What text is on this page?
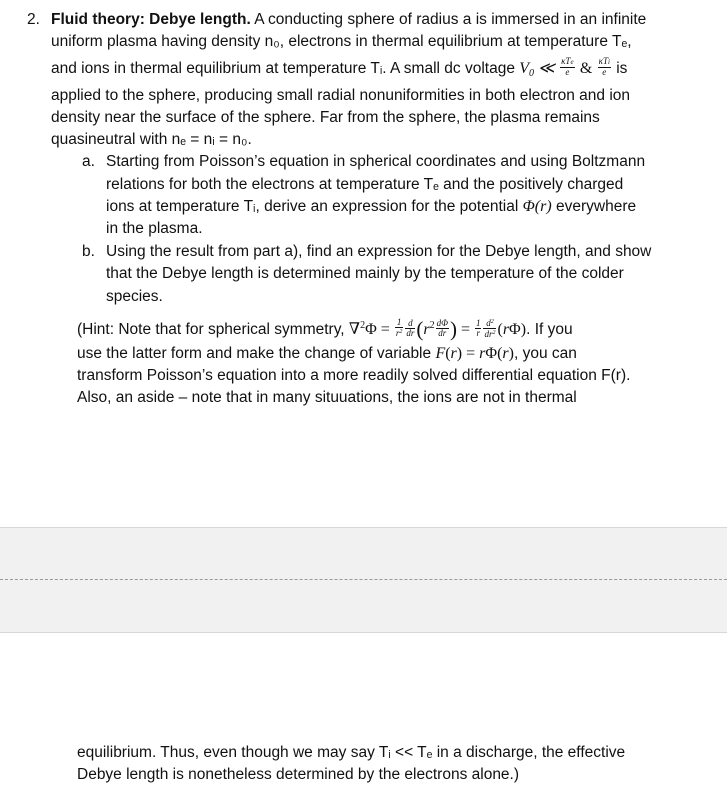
2. Fluid theory: Debye length. A conducting sphere of radius a is immersed in an infinite
uniform plasma having density n₀, electrons in thermal equilibrium at temperature Tₑ,
and ions in thermal equilibrium at temperature Tᵢ. A small dc voltage $V_0$ ≪ $\frac{\text{κTe}}{e}$ & $\frac{\text{κTi}}{e}$ is
applied to the sphere, producing small radial nonuniformities in both electron and ion
density near the surface of the sphere. Far from the sphere, the plasma remains
quasineutral with nₑ = nᵢ = n₀.
a. Starting from Poisson’s equation in spherical coordinates and using Boltzmann
relations for both the electrons at temperature Tₑ and the positively charged
ions at temperature Tᵢ, derive an expression for the potential Φ(r) everywhere
in the plasma.
b. Using the result from part a), find an expression for the Debye length, and show
that the Debye length is determined mainly by the temperature of the colder
species.
(Hint: Note that for spherical symmetry, $\nabla^2\Phi = \frac{1}{r^2} \frac{d}{dr} (r^2 \frac{d\Phi}{dr}$ ) = $\frac{1}{r} \frac{d^2}{dr^2} (r\Phi)$. If you
use the latter form and make the change of variable F(r) = rΦ(r), you can
transform Poisson’s equation into a more readily solved differential equation F(r).
Also, an aside – note that in many situuations, the ions are not in thermal
equilibrium. Thus, even though we may say Tᵢ << Tₑ in a discharge, the effective
Debye length is nonetheless determined by the electrons alone.)
